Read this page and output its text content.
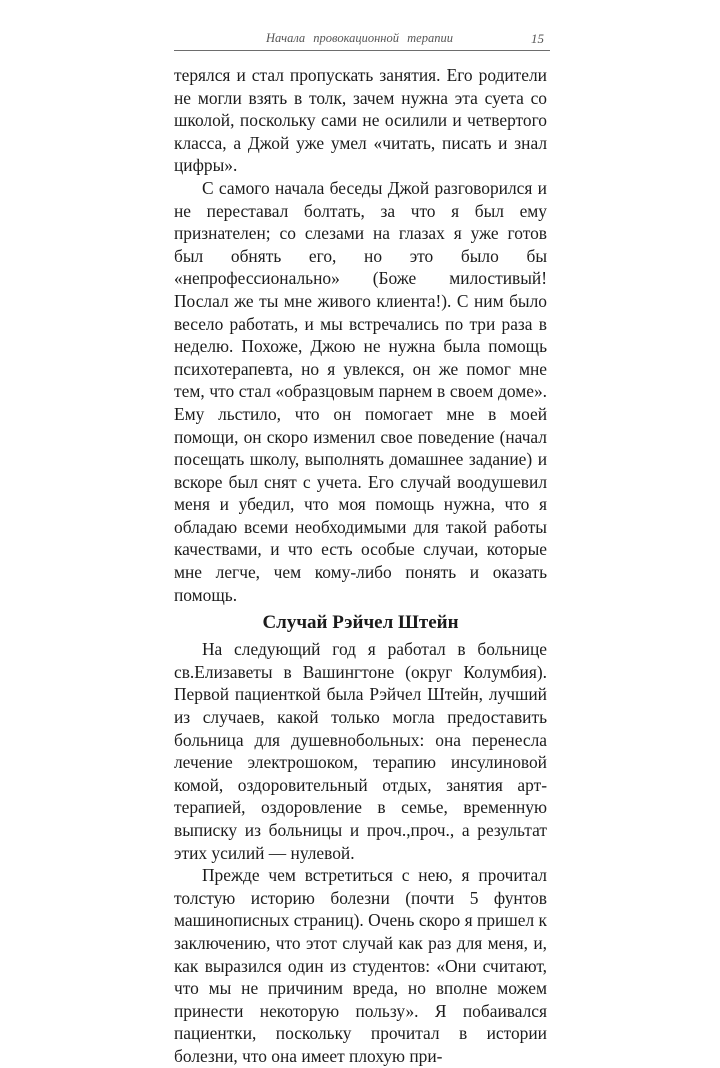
Начала провокационной терапии	15

терялся и стал пропускать занятия. Его родители не могли взять в толк, зачем нужна эта суета со школой, поскольку сами не осилили и четвертого класса, а Джой уже умел «читать, писать и знал цифры».

С самого начала беседы Джой разговорился и не переставал болтать, за что я был ему признателен; со слезами на глазах я уже готов был обнять его, но это было бы «непрофессионально» (Боже милостивый! Послал же ты мне живого клиента!). С ним было весело работать, и мы встречались по три раза в неделю. Похоже, Джою не нужна была помощь психотерапевта, но я увлекся, он же помог мне тем, что стал «образцовым парнем в своем доме». Ему льстило, что он помогает мне в моей помощи, он скоро изменил свое поведение (начал посещать школу, выполнять домашнее задание) и вскоре был снят с учета. Его случай воодушевил меня и убедил, что моя помощь нужна, что я обладаю всеми необходимыми для такой работы качествами, и что есть особые случаи, которые мне легче, чем кому-либо понять и оказать помощь.

Случай Рэйчел Штейн

На следующий год я работал в больнице св.Елизаветы в Вашингтоне (округ Колумбия). Первой пациенткой была Рэйчел Штейн, лучший из случаев, какой только могла предоставить больница для душевнобольных: она перенесла лечение электрошоком, терапию инсулиновой комой, оздоровительный отдых, занятия арт-терапией, оздоровление в семье, временную выписку из больницы и проч.,проч., а результат этих усилий — нулевой.

Прежде чем встретиться с нею, я прочитал толстую историю болезни (почти 5 фунтов машинописных страниц). Очень скоро я пришел к заключению, что этот случай как раз для меня, и, как выразился один из студентов: «Они считают, что мы не причиним вреда, но вполне можем принести некоторую пользу». Я побаивался пациентки, поскольку прочитал в истории болезни, что она имеет плохую при-
